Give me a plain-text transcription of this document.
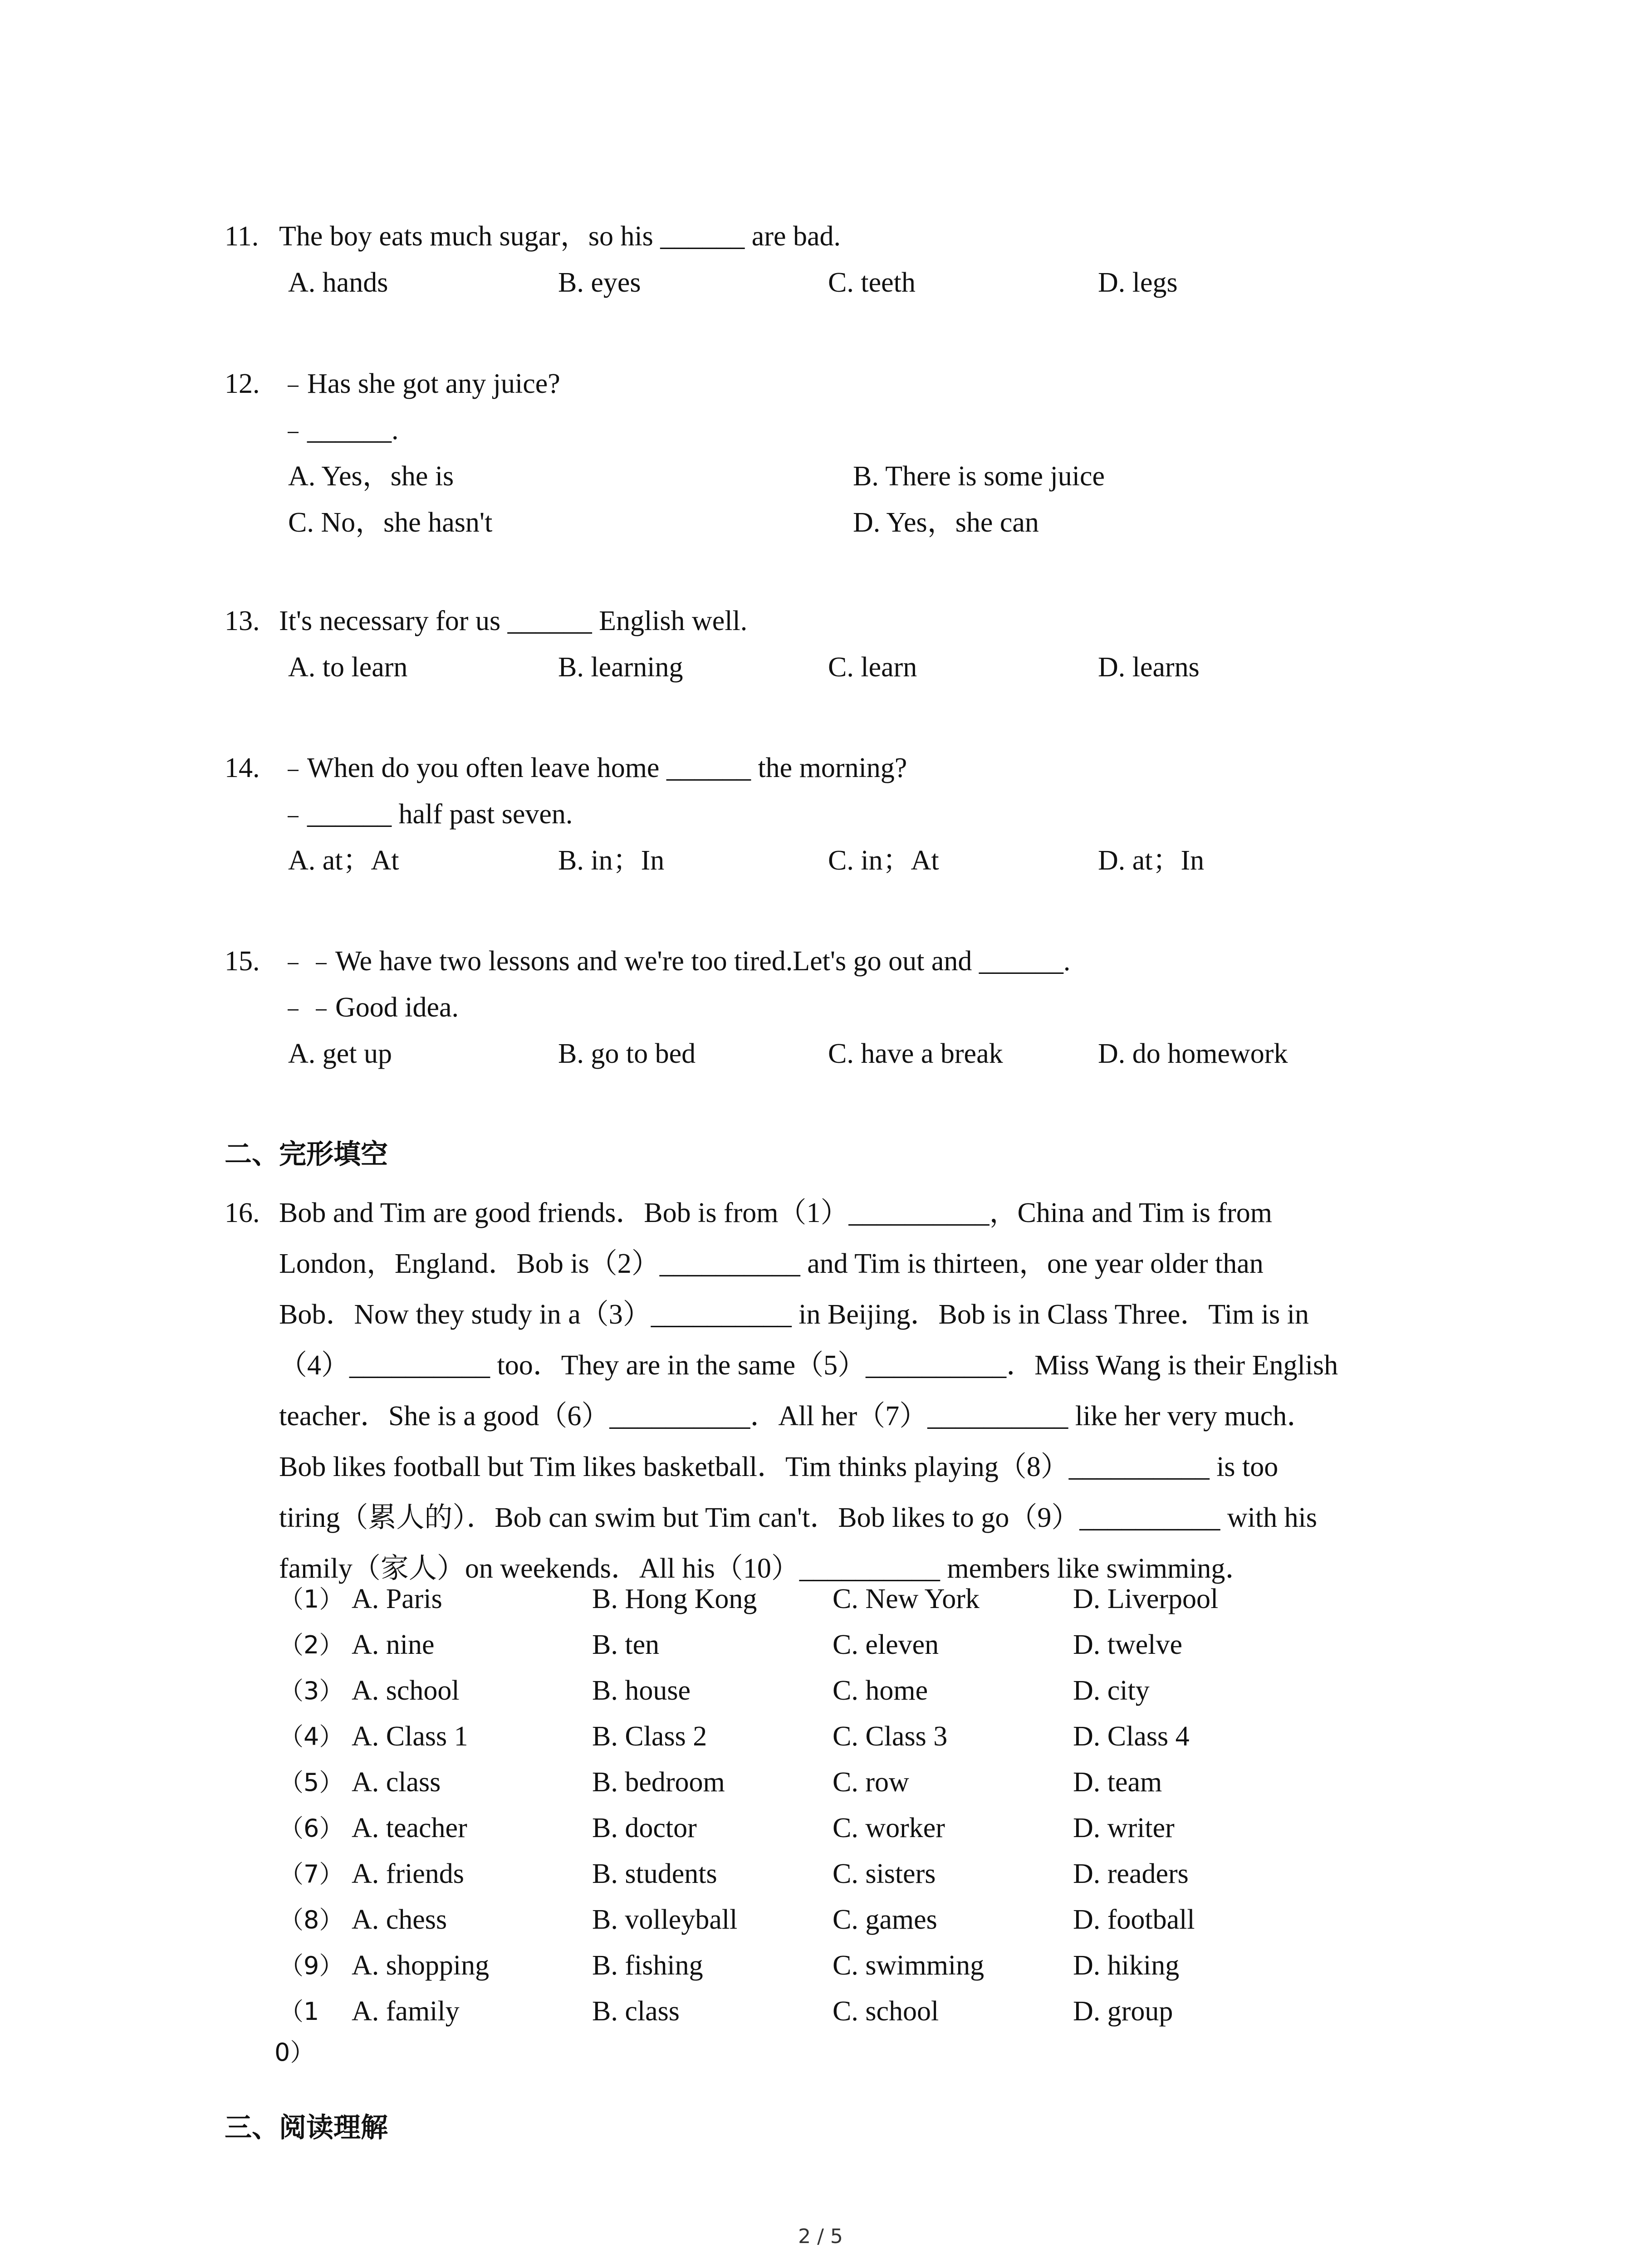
11. The boy eats much sugar，so his ______ are bad.
A. hands	B. eyes	C. teeth	D. legs
12. ﹣Has she got any juice?
﹣______.
A. Yes，she is	B. There is some juice
C. No，she hasn't	D. Yes，she can
13. It's necessary for us ______ English well.
A. to learn	B. learning	C. learn	D. learns
14. ﹣When do you often leave home ______ the morning?
﹣______ half past seven.
A. at；At	B. in；In	C. in；At	D. at；In
15. ﹣﹣We have two lessons and we're too tired.Let's go out and ______.
﹣﹣Good idea.
A. get up	B. go to bed	C. have a break	D. do homework
二、完形填空
16. Bob and Tim are good friends．Bob is from（1）__________，China and Tim is from
London，England．Bob is（2）__________ and Tim is thirteen，one year older than
Bob．Now they study in a（3）__________ in Beijing．Bob is in Class Three．Tim is in
（4）__________ too．They are in the same（5）__________．Miss Wang is their English
teacher．She is a good（6）__________．All her（7）__________ like her very much．
Bob likes football but Tim likes basketball．Tim thinks playing（8）__________ is too
tiring（累人的）．Bob can swim but Tim can't．Bob likes to go（9）__________ with his
family（家人）on weekends．All his（10）__________ members like swimming．
（1） A. Paris	B. Hong Kong	C. New York	D. Liverpool
（2） A. nine	B. ten	C. eleven	D. twelve
（3） A. school	B. house	C. home	D. city
（4） A. Class 1	B. Class 2	C. Class 3	D. Class 4
（5） A. class	B. bedroom	C. row	D. team
（6） A. teacher	B. doctor	C. worker	D. writer
（7） A. friends	B. students	C. sisters	D. readers
（8） A. chess	B. volleyball	C. games	D. football
（9） A. shopping	B. fishing	C. swimming	D. hiking
（1	A. family	B. class	C. school	D. group
0）
三、阅读理解
2 / 5
